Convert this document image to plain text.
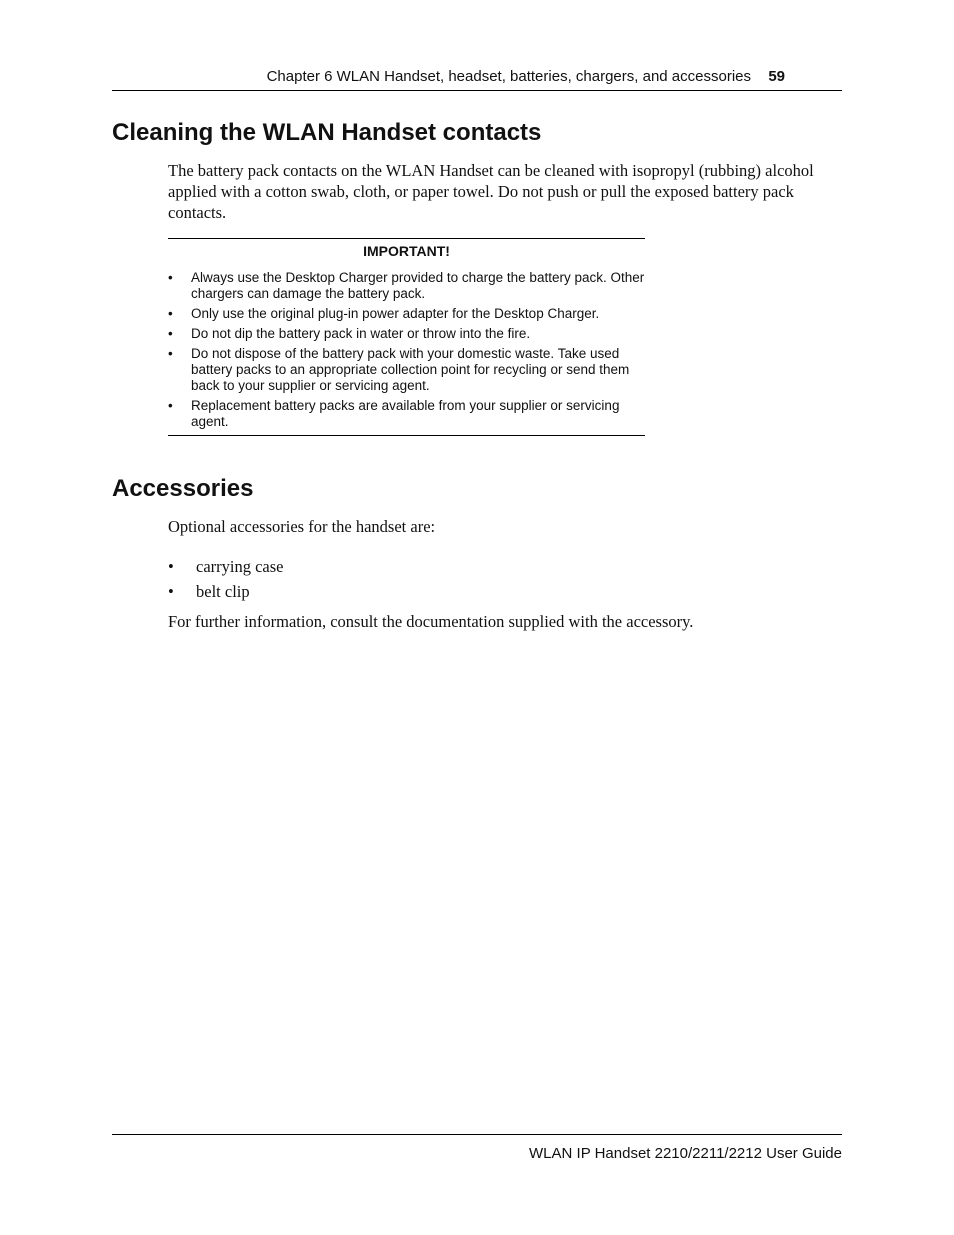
Chapter 6 WLAN Handset, headset, batteries, chargers, and accessories 59
Cleaning the WLAN Handset contacts

The battery pack contacts on the WLAN Handset can be cleaned with isopropyl (rubbing) alcohol applied with a cotton swab, cloth, or paper towel. Do not push or pull the exposed battery pack contacts.

IMPORTANT!
• Always use the Desktop Charger provided to charge the battery pack. Other chargers can damage the battery pack.
• Only use the original plug-in power adapter for the Desktop Charger.
• Do not dip the battery pack in water or throw into the fire.
• Do not dispose of the battery pack with your domestic waste. Take used battery packs to an appropriate collection point for recycling or send them back to your supplier or servicing agent.
• Replacement battery packs are available from your supplier or servicing agent.
Accessories

Optional accessories for the handset are:

• carrying case
• belt clip

For further information, consult the documentation supplied with the accessory.

WLAN IP Handset 2210/2211/2212 User Guide
